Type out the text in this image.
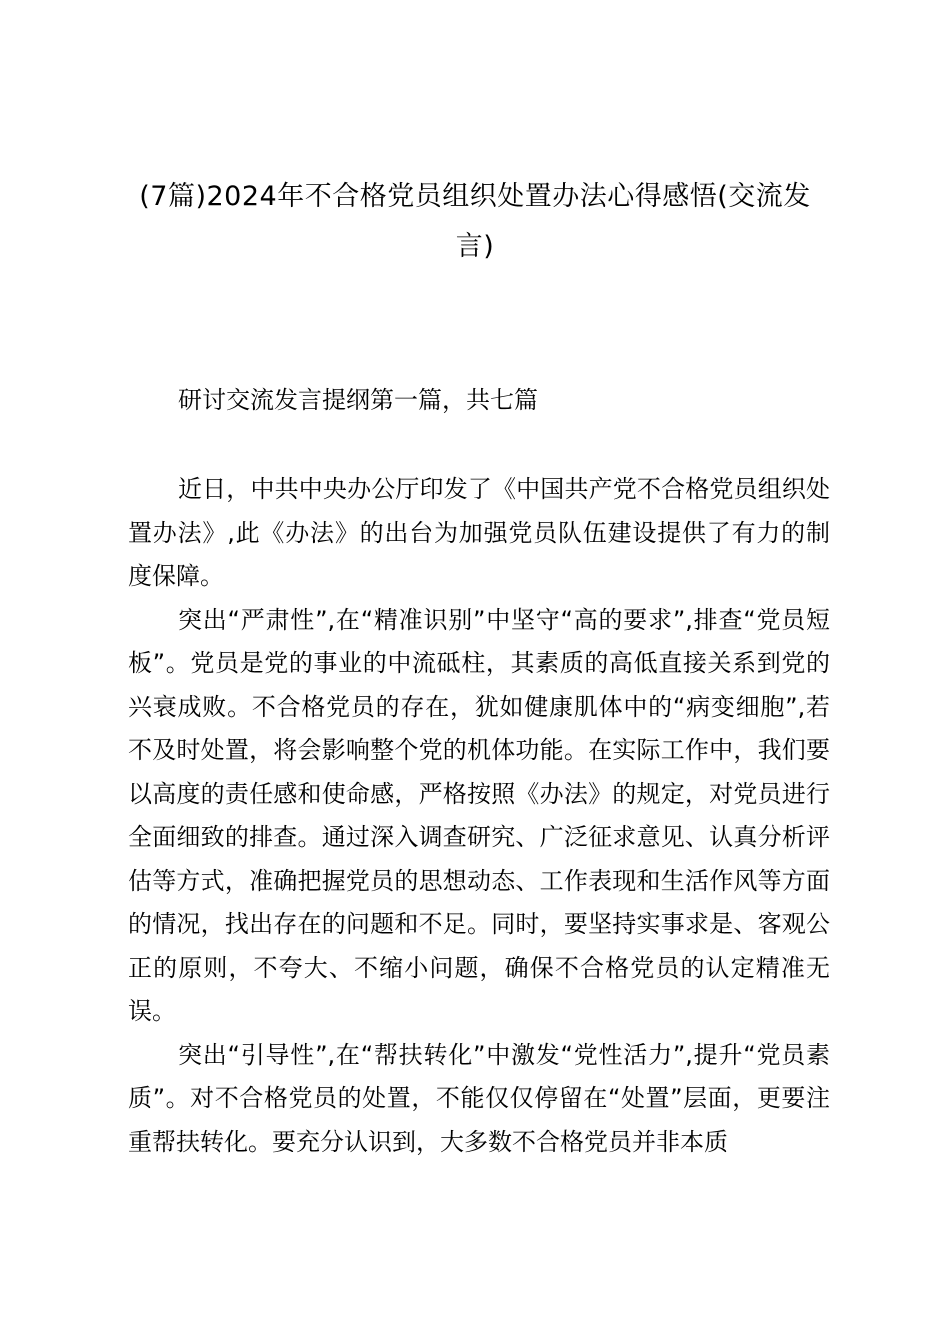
(7篇)2024年不合格党员组织处置办法心得感悟(交流发言)
研讨交流发言提纲第一篇，共七篇

近日，中共中央办公厅印发了《中国共产党不合格党员组织处置办法》,此《办法》的出台为加强党员队伍建设提供了有力的制度保障。

突出“严肃性”,在“精准识别”中坚守“高的要求”,排查“党员短板”。党员是党的事业的中流砥柱，其素质的高低直接关系到党的兴衰成败。不合格党员的存在，犹如健康肌体中的“病变细胞”,若不及时处置，将会影响整个党的机体功能。在实际工作中，我们要以高度的责任感和使命感，严格按照《办法》的规定，对党员进行全面细致的排查。通过深入调查研究、广泛征求意见、认真分析评估等方式，准确把握党员的思想动态、工作表现和生活作风等方面的情况，找出存在的问题和不足。同时，要坚持实事求是、客观公正的原则，不夸大、不缩小问题，确保不合格党员的认定精准无误。

突出“引导性”,在“帮扶转化”中激发“党性活力”,提升“党员素质”。对不合格党员的处置，不能仅仅停留在“处置”层面，更要注重帮扶转化。要充分认识到，大多数不合格党员并非本质
